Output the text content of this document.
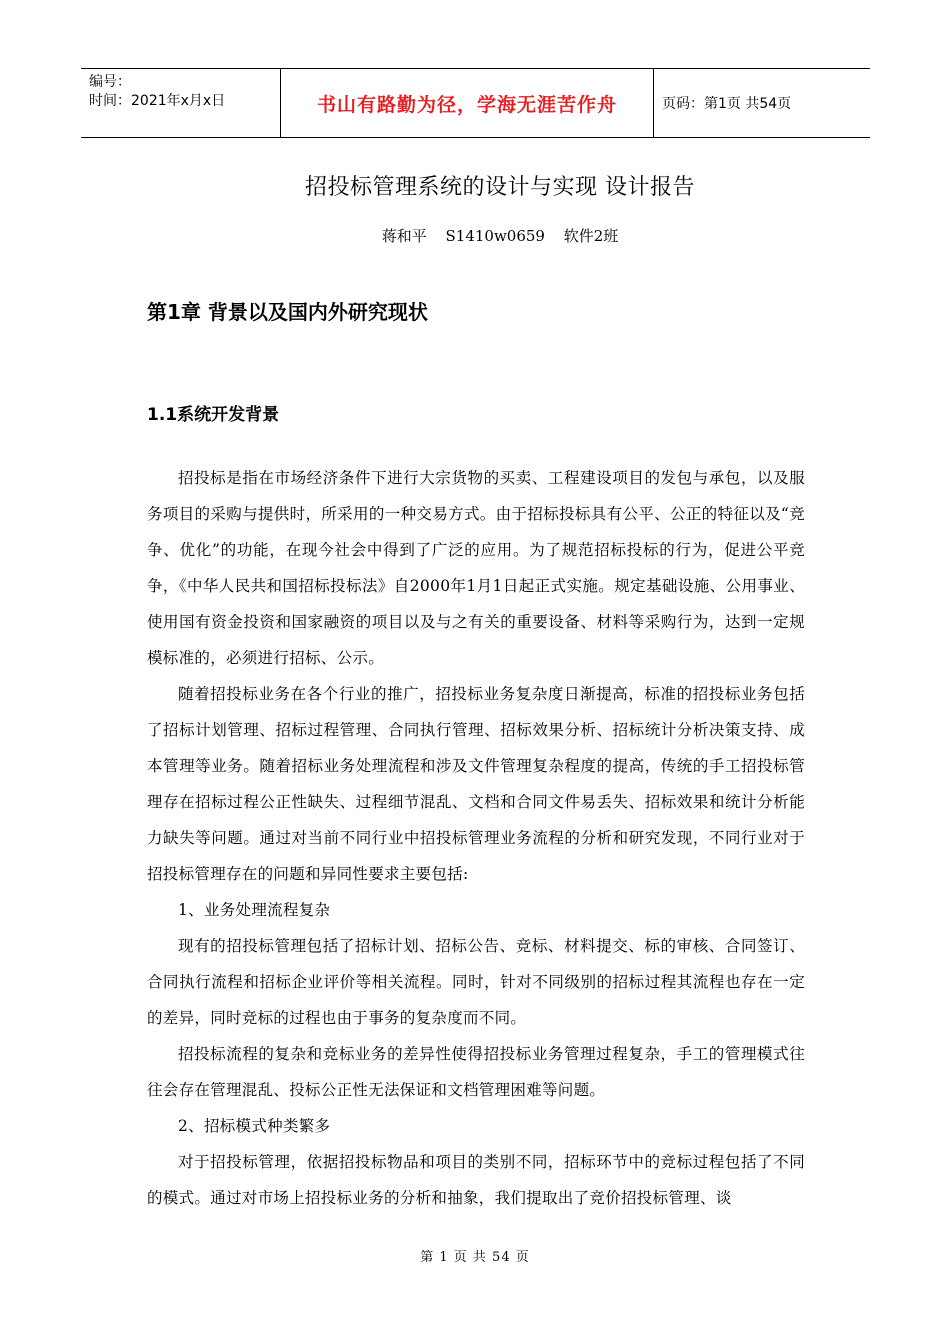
编号：
时间：2021年x月x日	书山有路勤为径，学海无涯苦作舟	页码：第1页 共54页
招投标管理系统的设计与实现 设计报告
蒋和平 S1410w0659 软件2班
第1章 背景以及国内外研究现状
1.1系统开发背景

招投标是指在市场经济条件下进行大宗货物的买卖、工程建设项目的发包与承包，以及服务项目的采购与提供时，所采用的一种交易方式。由于招标投标具有公平、公正的特征以及“竞争、优化”的功能，在现今社会中得到了广泛的应用。为了规范招标投标的行为，促进公平竞争，《中华人民共和国招标投标法》自2000年1月1日起正式实施。规定基础设施、公用事业、使用国有资金投资和国家融资的项目以及与之有关的重要设备、材料等采购行为，达到一定规模标准的，必须进行招标、公示。

随着招投标业务在各个行业的推广，招投标业务复杂度日渐提高，标准的招投标业务包括了招标计划管理、招标过程管理、合同执行管理、招标效果分析、招标统计分析决策支持、成本管理等业务。随着招标业务处理流程和涉及文件管理复杂程度的提高，传统的手工招投标管理存在招标过程公正性缺失、过程细节混乱、文档和合同文件易丢失、招标效果和统计分析能力缺失等问题。通过对当前不同行业中招投标管理业务流程的分析和研究发现，不同行业对于招投标管理存在的问题和异同性要求主要包括:

1、业务处理流程复杂

现有的招投标管理包括了招标计划、招标公告、竞标、材料提交、标的审核、合同签订、合同执行流程和招标企业评价等相关流程。同时，针对不同级别的招标过程其流程也存在一定的差异，同时竞标的过程也由于事务的复杂度而不同。

招投标流程的复杂和竞标业务的差异性使得招投标业务管理过程复杂，手工的管理模式往往会存在管理混乱、投标公正性无法保证和文档管理困难等问题。

2、招标模式种类繁多

对于招投标管理，依据招投标物品和项目的类别不同，招标环节中的竞标过程包括了不同的模式。通过对市场上招投标业务的分析和抽象，我们提取出了竞价招投标管理、谈

第 1 页 共 54 页
